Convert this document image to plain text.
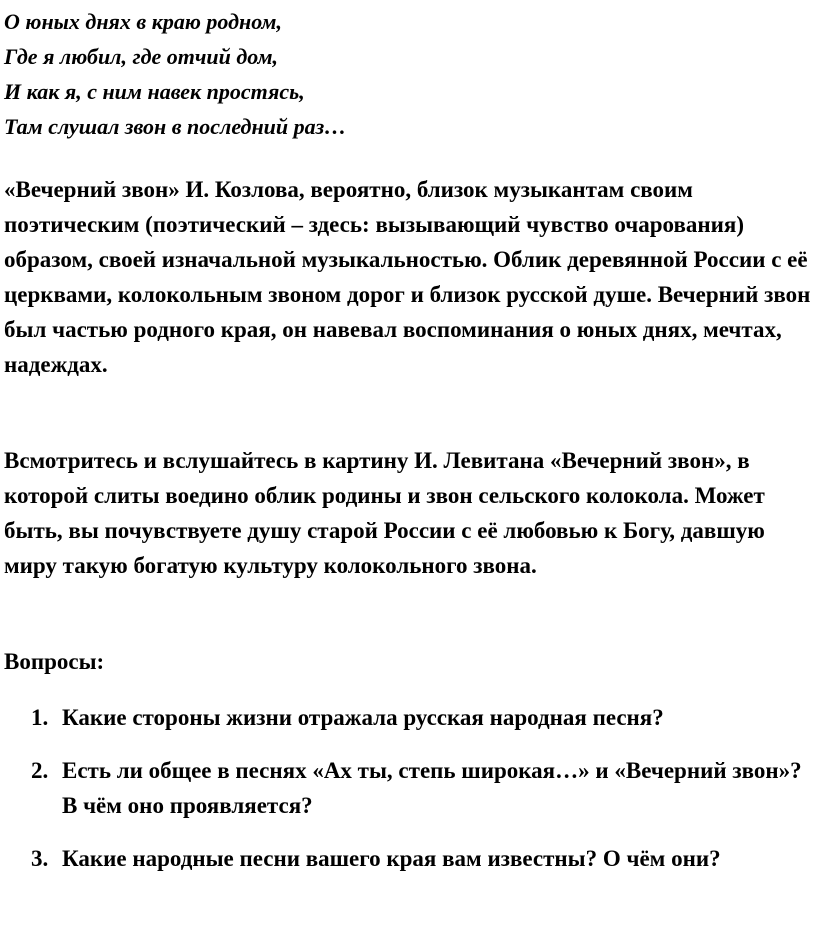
О юных днях в краю родном,
Где я любил, где отчий дом,
И как я, с ним навек простясь,
Там слушал звон в последний раз…

«Вечерний звон» И. Козлова, вероятно, близок музыкантам своим поэтическим (поэтический – здесь: вызывающий чувство очарования) образом, своей изначальной музыкальностью. Облик деревянной России с её церквами, колокольным звоном дорог и близок русской душе. Вечерний звон был частью родного края, он навевал воспоминания о юных днях, мечтах, надеждах.

Всмотритесь и вслушайтесь в картину И. Левитана «Вечерний звон», в которой слиты воедино облик родины и звон сельского колокола. Может быть, вы почувствуете душу старой России с её любовью к Богу, давшую миру такую богатую культуру колокольного звона.

Вопросы:

1. Какие стороны жизни отражала русская народная песня?
2. Есть ли общее в песнях «Ах ты, степь широкая…» и «Вечерний звон»? В чём оно проявляется?
3. Какие народные песни вашего края вам известны? О чём они?
